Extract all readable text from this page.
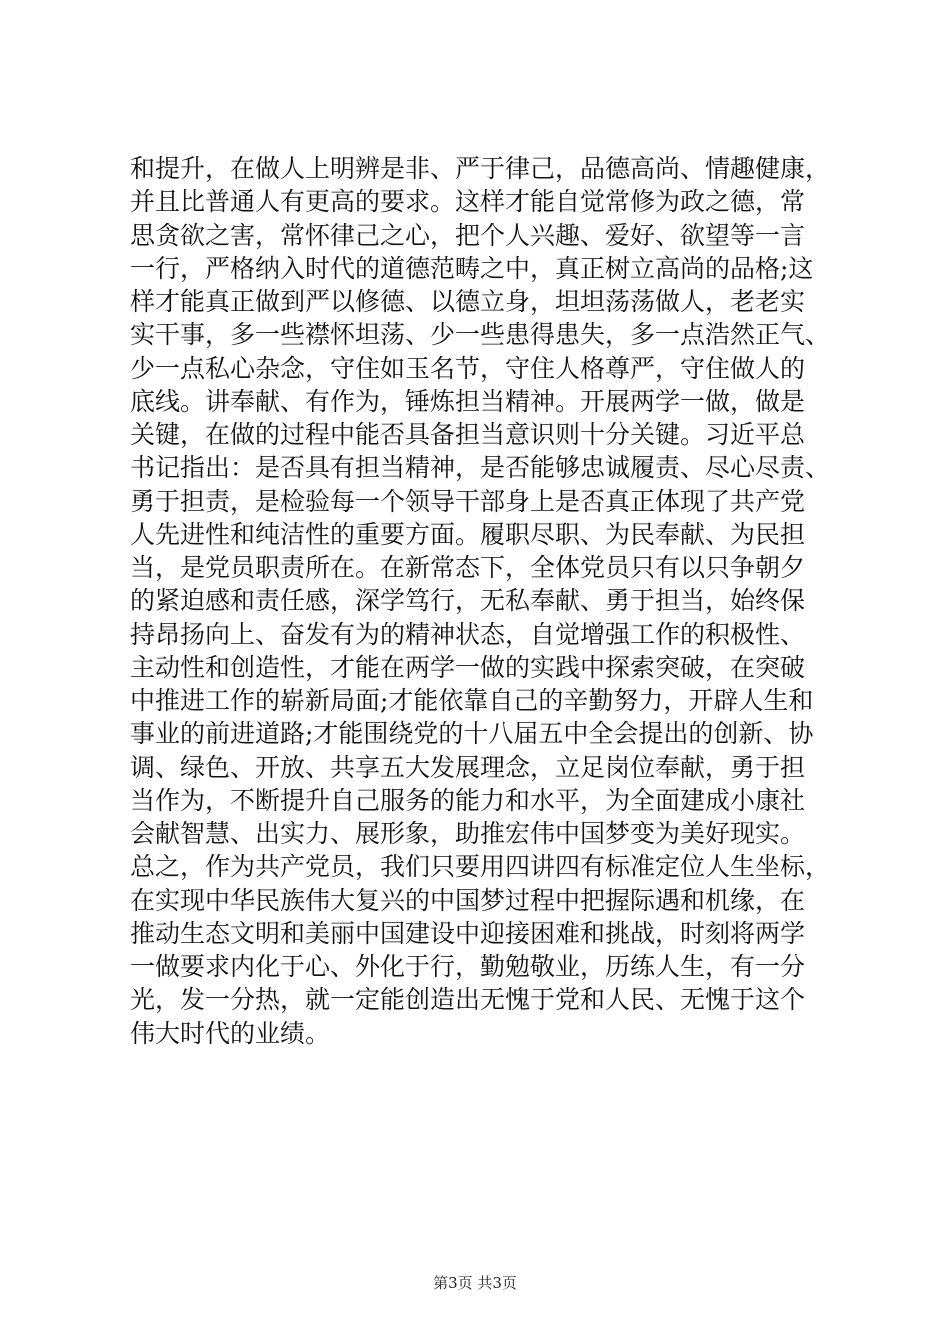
和提升，在做人上明辨是非、严于律己，品德高尚、情趣健康，
并且比普通人有更高的要求。这样才能自觉常修为政之德，常
思贪欲之害，常怀律己之心，把个人兴趣、爱好、欲望等一言
一行，严格纳入时代的道德范畴之中，真正树立高尚的品格;这
样才能真正做到严以修德、以德立身，坦坦荡荡做人，老老实
实干事，多一些襟怀坦荡、少一些患得患失，多一点浩然正气、
少一点私心杂念，守住如玉名节，守住人格尊严，守住做人的
底线。讲奉献、有作为，锤炼担当精神。开展两学一做，做是
关键，在做的过程中能否具备担当意识则十分关键。习近平总
书记指出：是否具有担当精神，是否能够忠诚履责、尽心尽责、
勇于担责，是检验每一个领导干部身上是否真正体现了共产党
人先进性和纯洁性的重要方面。履职尽职、为民奉献、为民担
当，是党员职责所在。在新常态下，全体党员只有以只争朝夕
的紧迫感和责任感，深学笃行，无私奉献、勇于担当，始终保
持昂扬向上、奋发有为的精神状态，自觉增强工作的积极性、
主动性和创造性，才能在两学一做的实践中探索突破，在突破
中推进工作的崭新局面;才能依靠自己的辛勤努力，开辟人生和
事业的前进道路;才能围绕党的十八届五中全会提出的创新、协
调、绿色、开放、共享五大发展理念，立足岗位奉献，勇于担
当作为，不断提升自己服务的能力和水平，为全面建成小康社
会献智慧、出实力、展形象，助推宏伟中国梦变为美好现实。
总之，作为共产党员，我们只要用四讲四有标准定位人生坐标，
在实现中华民族伟大复兴的中国梦过程中把握际遇和机缘，在
推动生态文明和美丽中国建设中迎接困难和挑战，时刻将两学
一做要求内化于心、外化于行，勤勉敬业，历练人生，有一分
光，发一分热，就一定能创造出无愧于党和人民、无愧于这个
伟大时代的业绩。
第3页 共3页
